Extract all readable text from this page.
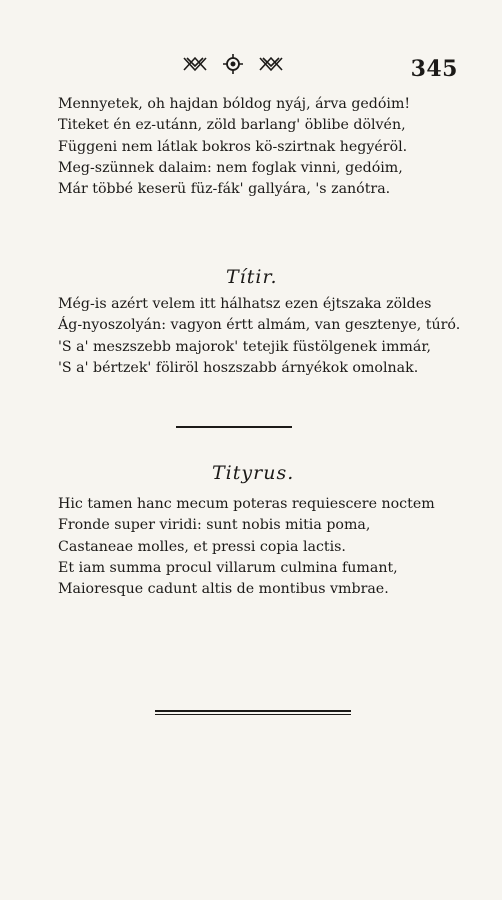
345
Mennyetek, oh hajdan bóldog nyáj, árva gedóim!
Titeket én ez-utánn, zöld barlang' öblibe dölvén,
Függeni nem látlak bokros kö-szirtnak hegyéröl.
Meg-szünnek dalaim: nem foglak vinni, gedóim,
Már többé keserü füz-fák' gallyára, 's zanótra.
Títir.
Még-is azért velem itt hálhatsz ezen éjtszaka zöldes
Ág-nyoszolyán: vagyon értt almám, van gesztenye, túró.
'S a' meszszebb majorok' tetejik füstölgenek immár,
'S a' bértzek' föliröl hoszszabb árnyékok omolnak.
Tityrus.
Hic tamen hanc mecum poteras requiescere noctem
Fronde super viridi: sunt nobis mitia poma,
Castaneae molles, et pressi copia lactis.
Et iam summa procul villarum culmina fumant,
Maioresque cadunt altis de montibus vmbrae.
